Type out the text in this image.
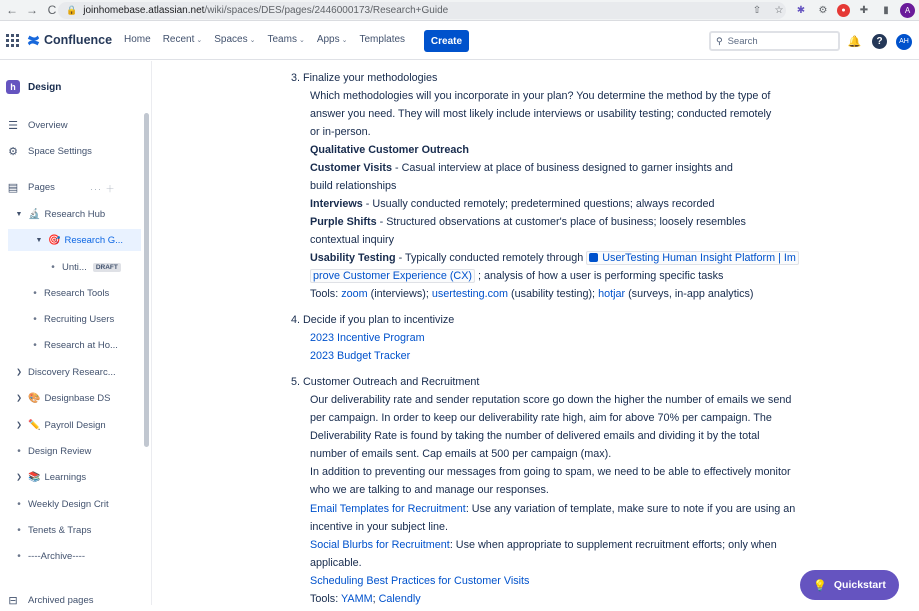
← → C	🔒 joinhomebase.atlassian.net /wiki/spaces/DES/pages/2446000173/Research+Guide	⇧	☆	✱	⚙	●	✚	▮	A
Confluence Home Recent ⌄ Spaces ⌄ Teams ⌄ Apps ⌄ Templates	Create	⚲ Search	🔔	?	AH
h	Design
☰ Overview
⚙ Space Settings
▤ Pages	··· ＋
▼ 🔬 Research Hub
▼ 🎯 Research G...
• Unti...	DRAFT
• Research Tools
• Recruiting Users
• Research at Ho...
❯ Discovery Researc...
❯ 🎨 Designbase DS
❯ ✏️ Payroll Design
• Design Review
❯ 📚 Learnings
• Weekly Design Crit
• Tenets & Traps
• ----Archive----
⊟ Archived pages
3. Finalize your methodologies
Which methodologies will you incorporate in your plan? You determine the method by the type of
answer you need. They will most likely include interviews or usability testing; conducted remotely
or in-person.
Qualitative Customer Outreach
Customer Visits - Casual interview at place of business designed to garner insights and
build relationships
Interviews - Usually conducted remotely; predetermined questions; always recorded
Purple Shifts - Structured observations at customer's place of business; loosely resembles
contextual inquiry
Usability Testing - Typically conducted remotely through UserTesting Human Insight Platform | Im
prove Customer Experience (CX) ; analysis of how a user is performing specific tasks
Tools: zoom (interviews); usertesting.com (usability testing); hotjar (surveys, in-app analytics)
4. Decide if you plan to incentivize
2023 Incentive Program
2023 Budget Tracker
5. Customer Outreach and Recruitment
Our deliverability rate and sender reputation score go down the higher the number of emails we send
per campaign. In order to keep our deliverability rate high, aim for above 70% per campaign. The
Deliverability Rate is found by taking the number of delivered emails and dividing it by the total
number of emails sent. Cap emails at 500 per campaign (max).
In addition to preventing our messages from going to spam, we need to be able to effectively monitor
who we are talking to and manage our responses.
Email Templates for Recruitment: Use any variation of template, make sure to note if you are using an
incentive in your subject line.
Social Blurbs for Recruitment: Use when appropriate to supplement recruitment efforts; only when
applicable.
Scheduling Best Practices for Customer Visits
Tools: YAMM; Calendly
💡 Quickstart
